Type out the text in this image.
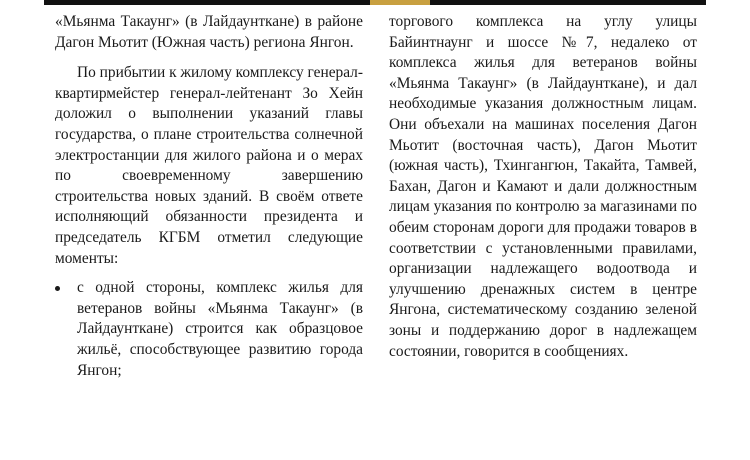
«Мьянма Такаунг» (в Лайдаунткане) в районе Дагон Мьотит (Южная часть) региона Янгон.

По прибытии к жилому комплексу генерал-квартирмейстер генерал-лейтенант Зо Хейн доложил о выполнении указаний главы государства, о плане строительства солнечной электростанции для жилого района и о мерах по своевременному завершению строительства новых зданий. В своём ответе исполняющий обязанности президента и председатель КГБМ отметил следующие моменты:

с одной стороны, комплекс жилья для ветеранов войны «Мьянма Такаунг» (в Лайдаунткане) строится как образцовое жильё, способствующее развитию города Янгон;

торгового комплекса на углу улицы Байинтнаунг и шоссе №7, недалеко от комплекса жилья для ветеранов войны «Мьянма Такаунг» (в Лайдаунткане), и дал необходимые указания должностным лицам. Они объехали на машинах поселения Дагон Мьотит (восточная часть), Дагон Мьотит (южная часть), Тхингангюн, Такайта, Тамвей, Бахан, Дагон и Камают и дали должностным лицам указания по контролю за магазинами по обеим сторонам дороги для продажи товаров в соответствии с установленными правилами, организации надлежащего водоотвода и улучшению дренажных систем в центре Янгона, систематическому созданию зеленой зоны и поддержанию дорог в надлежащем состоянии, говорится в сообщениях.
